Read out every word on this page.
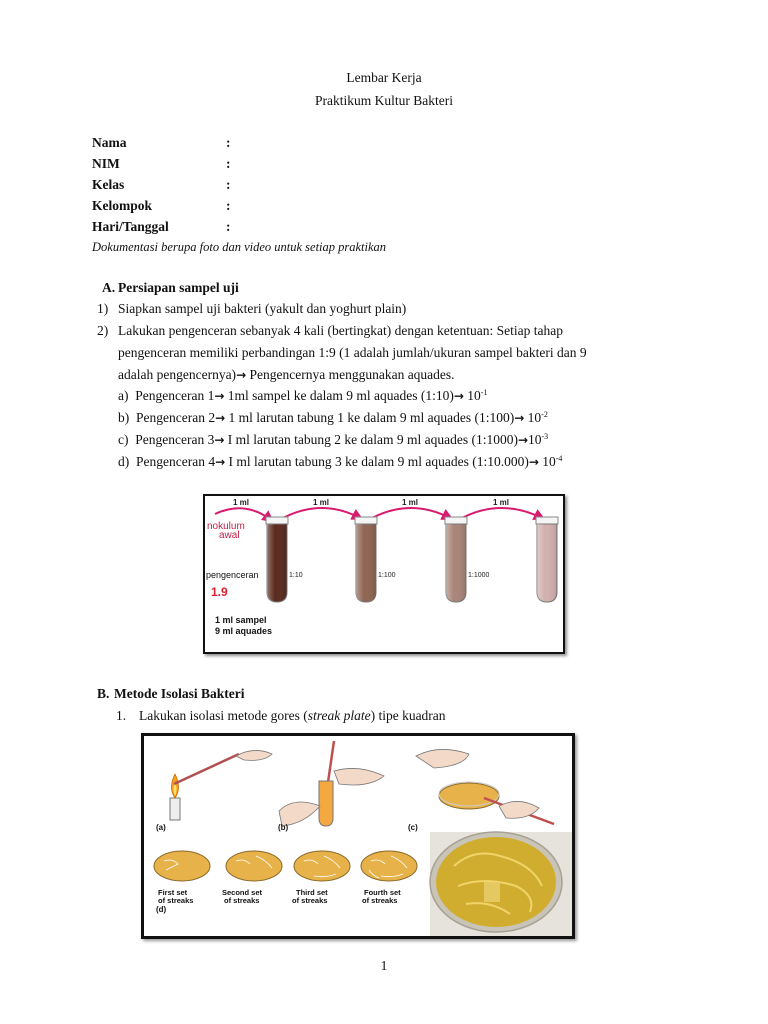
Lembar Kerja
Praktikum Kultur Bakteri
Nama	:
NIM	:
Kelas	:
Kelompok	:
Hari/Tanggal	:
Dokumentasi berupa foto dan video untuk setiap praktikan
A. Persiapan sampel uji
1) Siapkan sampel uji bakteri (yakult dan yoghurt plain)
2) Lakukan pengenceran sebanyak 4 kali (bertingkat) dengan ketentuan: Setiap tahap
pengenceran memiliki perbandingan 1:9 (1 adalah jumlah/ukuran sampel bakteri dan 9
adalah pengencernya)→ Pengencernya menggunakan aquades.
a) Pengenceran 1→ 1ml sampel ke dalam 9 ml aquades (1:10)→ $10^{-1}$
b) Pengenceran 2→ 1 ml larutan tabung 1 ke dalam 9 ml aquades (1:100)→ $10^{-2}$
c) Pengenceran 3→ I ml larutan tabung 2 ke dalam 9 ml aquades $(1:1000)\to 10^{-3}$
d) Pengenceran 4→ I ml larutan tabung 3 ke dalam 9 ml aquades (1:10.000)→ $10^{-4}$
1 ml	1 ml	1 ml	1 ml
nokulum
awal
pengenceran
1.9
1:10	1:100	1:1000
1 ml sampel
9 ml aquades
B. Metode Isolasi Bakteri
1. Lakukan isolasi metode gores (streak plate) tipe kuadran
(a)	(b)	(c)
First set
of streaks
Second set
of streaks
Third set
of streaks
Fourth set
of streaks
(d)
1
